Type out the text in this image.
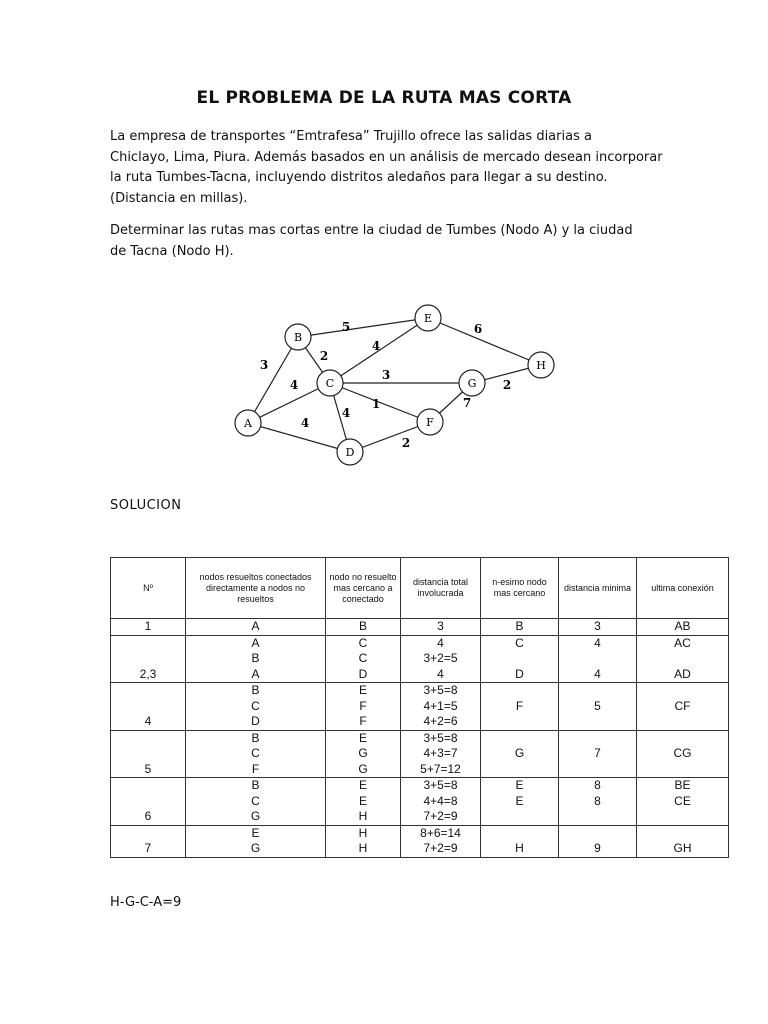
EL PROBLEMA DE LA RUTA MAS CORTA
La empresa de transportes “Emtrafesa” Trujillo ofrece las salidas diarias a
Chiclayo, Lima, Piura. Además basados en un análisis de mercado desean incorporar
la ruta Tumbes-Tacna, incluyendo distritos aledaños para llegar a su destino.
(Distancia en millas).
Determinar las rutas mas cortas entre la ciudad de Tumbes (Nodo A) y la ciudad
de Tacna (Nodo H).
3
4
4
2
5
4
3
1
4
2
6
7
2
A
B
C
D
E
F
G
H
SOLUCION
Nº	nodos resueltos conectados directamente a nodos no resueltos	nodo no resuelto mas cercano a conectado	distancia total involucrada	n-esimo nodo mas cercano	distancia minima	ultima conexión
1	A	B	3	B	3	AB
	A	C	4	C	4	AC
	B	C	3+2=5			
2,3	A	D	4	D	4	AD
	B	E	3+5=8			
	C	F	4+1=5	F	5	CF
4	D	F	4+2=6			
	B	E	3+5=8			
	C	G	4+3=7	G	7	CG
5	F	G	5+7=12			
	B	E	3+5=8	E	8	BE
	C	E	4+4=8	E	8	CE
6	G	H	7+2=9			
	E	H	8+6=14			
7	G	H	7+2=9	H	9	GH
H-G-C-A=9
